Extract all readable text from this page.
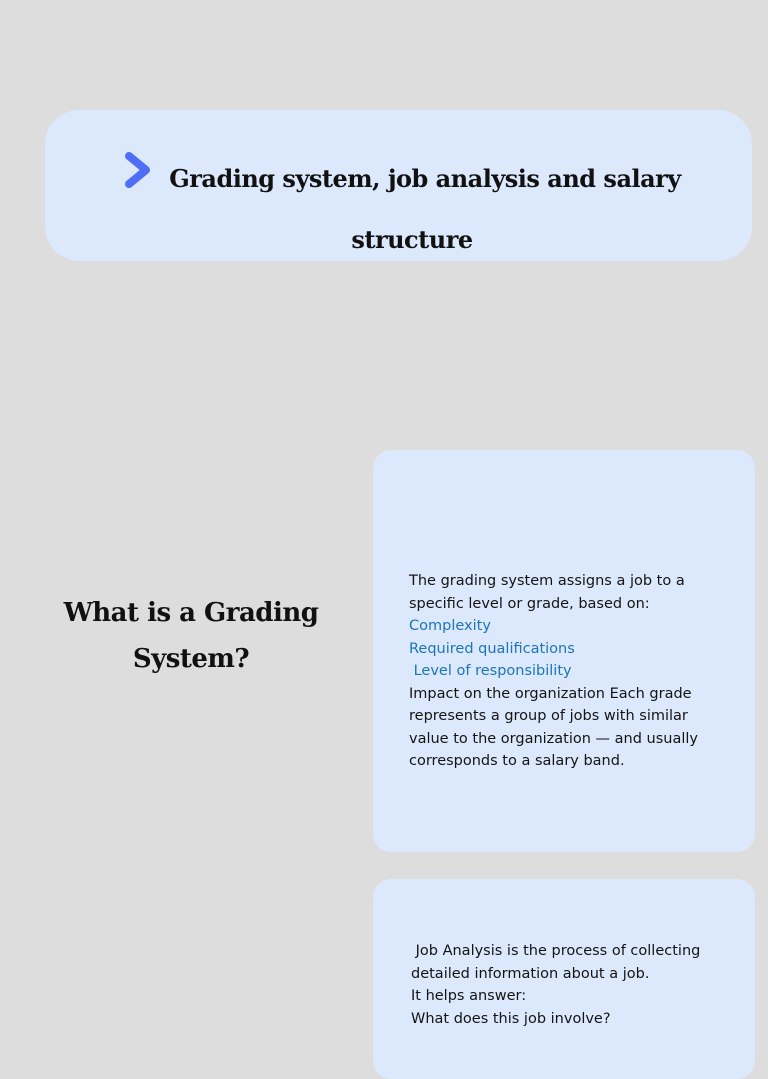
Grading system, job analysis and salary
structure
What is a Grading
System?
The grading system assigns a job to a
specific level or grade, based on:
Complexity
Required qualifications
Level of responsibility
Impact on the organization Each grade
represents a group of jobs with similar
value to the organization — and usually
corresponds to a salary band.
Job Analysis is the process of collecting
detailed information about a job.
It helps answer:
What does this job involve?
